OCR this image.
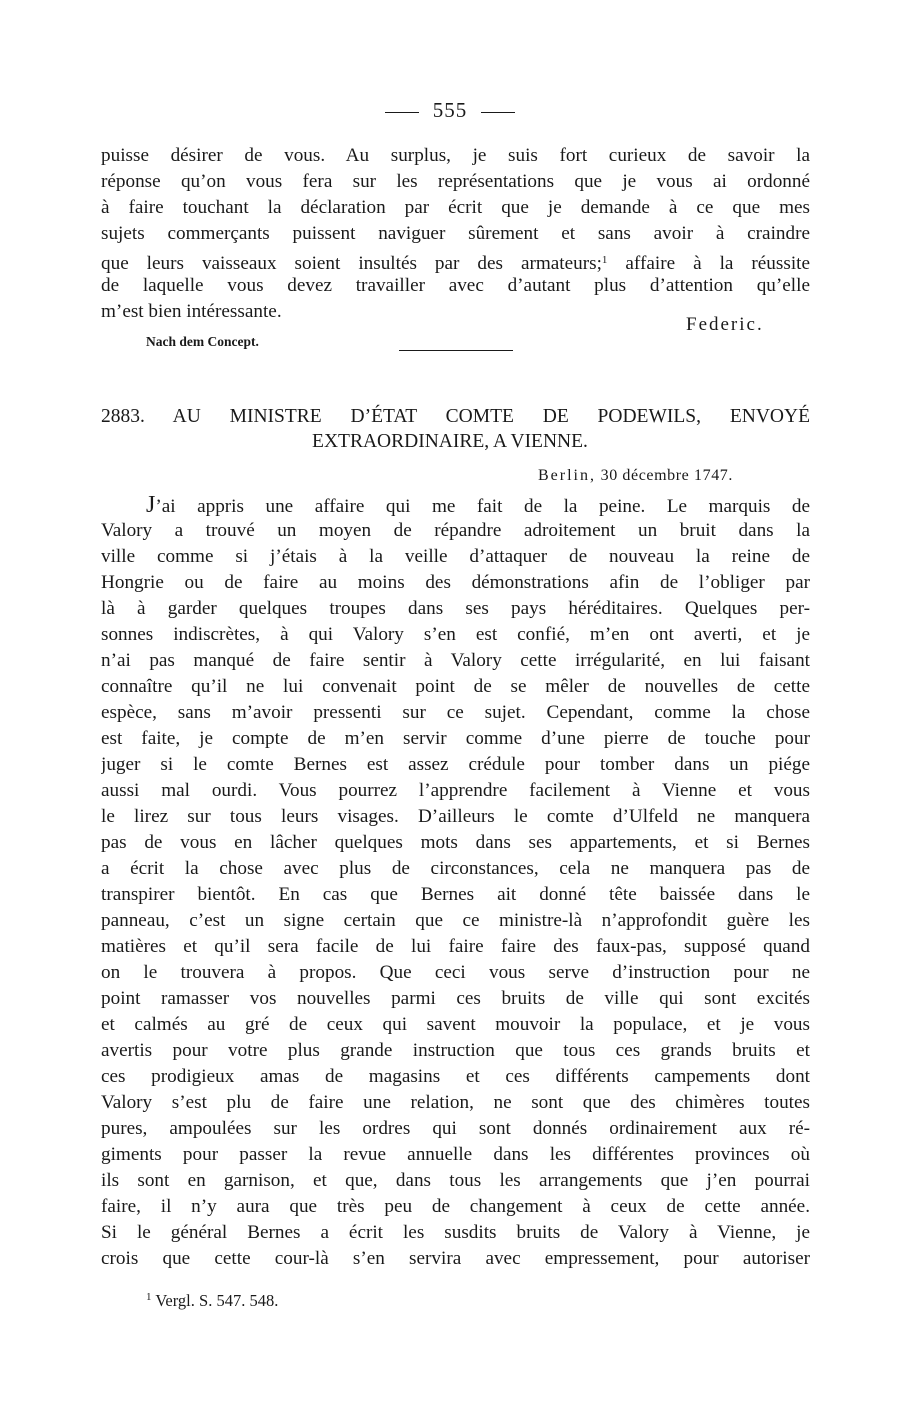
555
puisse désirer de vous. Au surplus, je suis fort curieux de savoir la
réponse qu’on vous fera sur les représentations que je vous ai ordonné
à faire touchant la déclaration par écrit que je demande à ce que mes
sujets commerçants puissent naviguer sûrement et sans avoir à craindre
que leurs vaisseaux soient insultés par des armateurs;$^1$ affaire à la réussite
de laquelle vous devez travailler avec d’autant plus d’attention qu’elle
m’est bien intéressante.
Federic.
Nach dem Concept.
2883. AU MINISTRE D’ÉTAT COMTE DE PODEWILS, ENVOYÉ
EXTRAORDINAIRE, A VIENNE.
Berlin, 30 décembre 1747.
J’ai appris une affaire qui me fait de la peine. Le marquis de
Valory a trouvé un moyen de répandre adroitement un bruit dans la
ville comme si j’étais à la veille d’attaquer de nouveau la reine de
Hongrie ou de faire au moins des démonstrations afin de l’obliger par
là à garder quelques troupes dans ses pays héréditaires. Quelques per-
sonnes indiscrètes, à qui Valory s’en est confié, m’en ont averti, et je
n’ai pas manqué de faire sentir à Valory cette irrégularité, en lui faisant
connaître qu’il ne lui convenait point de se mêler de nouvelles de cette
espèce, sans m’avoir pressenti sur ce sujet. Cependant, comme la chose
est faite, je compte de m’en servir comme d’une pierre de touche pour
juger si le comte Bernes est assez crédule pour tomber dans un piége
aussi mal ourdi. Vous pourrez l’apprendre facilement à Vienne et vous
le lirez sur tous leurs visages. D’ailleurs le comte d’Ulfeld ne manquera
pas de vous en lâcher quelques mots dans ses appartements, et si Bernes
a écrit la chose avec plus de circonstances, cela ne manquera pas de
transpirer bientôt. En cas que Bernes ait donné tête baissée dans le
panneau, c’est un signe certain que ce ministre-là n’approfondit guère les
matières et qu’il sera facile de lui faire faire des faux-pas, supposé quand
on le trouvera à propos. Que ceci vous serve d’instruction pour ne
point ramasser vos nouvelles parmi ces bruits de ville qui sont excités
et calmés au gré de ceux qui savent mouvoir la populace, et je vous
avertis pour votre plus grande instruction que tous ces grands bruits et
ces prodigieux amas de magasins et ces différents campements dont
Valory s’est plu de faire une relation, ne sont que des chimères toutes
pures, ampoulées sur les ordres qui sont donnés ordinairement aux ré-
giments pour passer la revue annuelle dans les différentes provinces où
ils sont en garnison, et que, dans tous les arrangements que j’en pourrai
faire, il n’y aura que très peu de changement à ceux de cette année.
Si le général Bernes a écrit les susdits bruits de Valory à Vienne, je
crois que cette cour-là s’en servira avec empressement, pour autoriser
$^1$ Vergl. S. 547. 548.
